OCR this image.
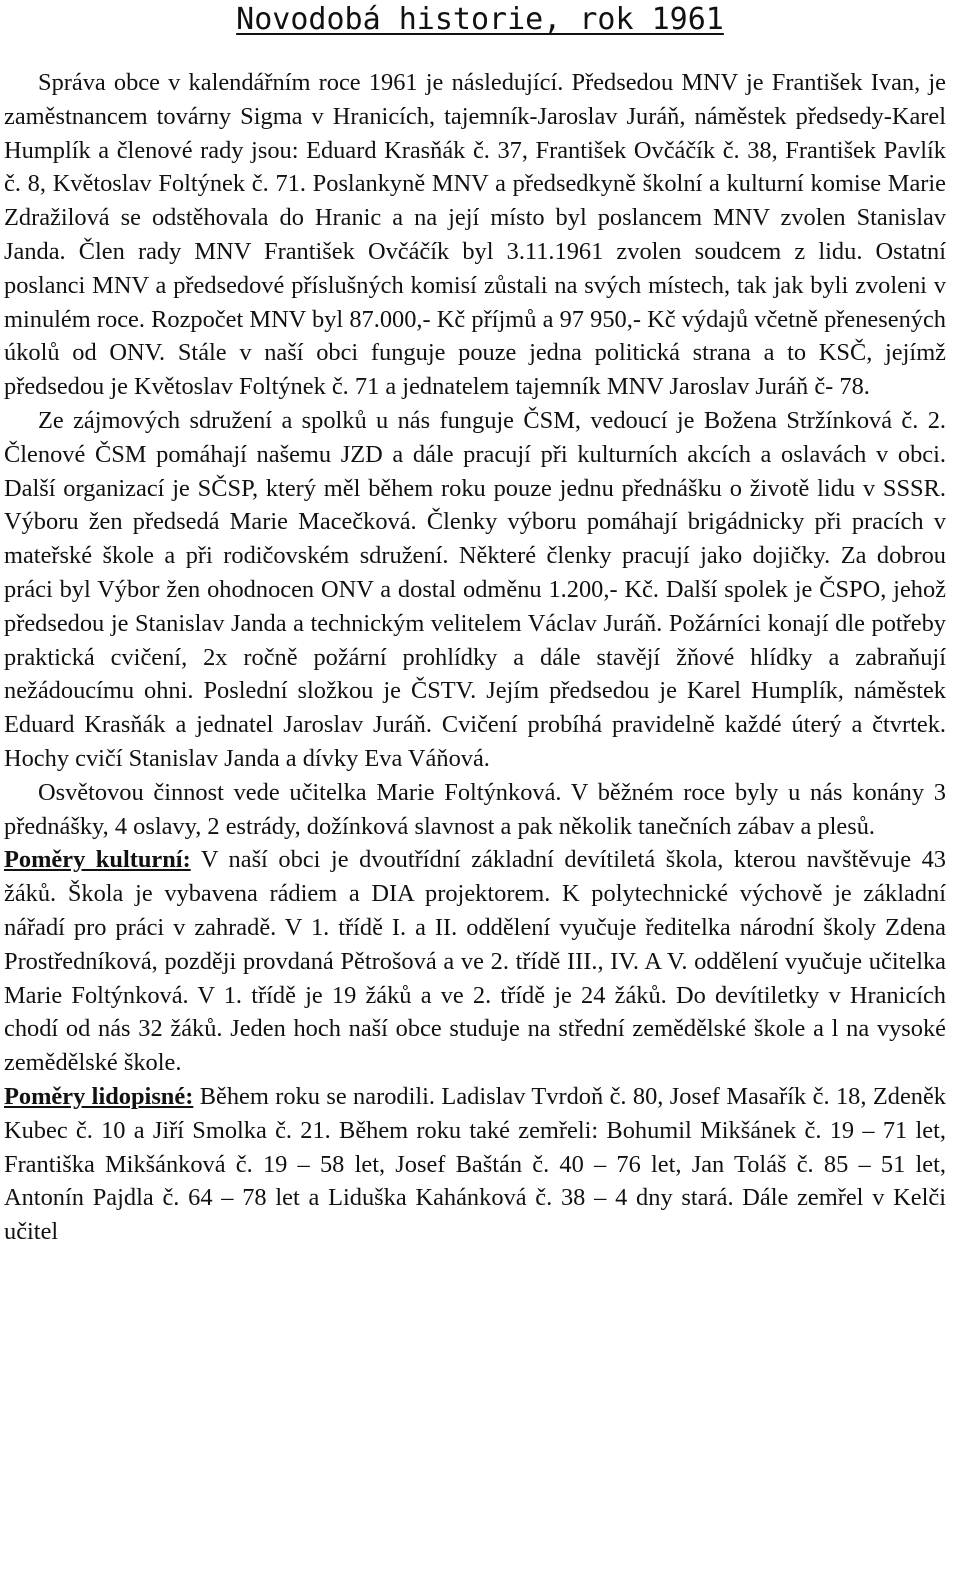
Novodobá historie, rok 1961

Správa obce v kalendářním roce 1961 je následující. Předsedou MNV je František Ivan, je zaměstnancem továrny Sigma v Hranicích, tajemník-Jaroslav Juráň, náměstek předsedy-Karel Humplík a členové rady jsou: Eduard Krasňák č. 37, František Ovčáčík č. 38, František Pavlík č. 8, Květoslav Foltýnek č. 71. Poslankyně MNV a předsedkyně školní a kulturní komise Marie Zdražilová se odstěhovala do Hranic a na její místo byl poslancem MNV zvolen Stanislav Janda. Člen rady MNV František Ovčáčík byl 3.11.1961 zvolen soudcem z lidu. Ostatní poslanci MNV a předsedové příslušných komisí zůstali na svých místech, tak jak byli zvoleni v minulém roce. Rozpočet MNV byl 87.000,- Kč příjmů a 97 950,- Kč výdajů včetně přenesených úkolů od ONV. Stále v naší obci funguje pouze jedna politická strana a to KSČ, jejímž předsedou je Květoslav Foltýnek č. 71 a jednatelem tajemník MNV Jaroslav Juráň č- 78.

Ze zájmových sdružení a spolků u nás funguje ČSM, vedoucí je Božena Stržínková č. 2. Členové ČSM pomáhají našemu JZD a dále pracují při kulturních akcích a oslavách v obci. Další organizací je SČSP, který měl během roku pouze jednu přednášku o životě lidu v SSSR. Výboru žen předsedá Marie Macečková. Členky výboru pomáhají brigádnicky při pracích v mateřské škole a při rodičovském sdružení. Některé členky pracují jako dojičky. Za dobrou práci byl Výbor žen ohodnocen ONV a dostal odměnu 1.200,- Kč. Další spolek je ČSPO, jehož předsedou je Stanislav Janda a technickým velitelem Václav Juráň. Požárníci konají dle potřeby praktická cvičení, 2x ročně požární prohlídky a dále stavějí žňové hlídky a zabraňují nežádoucímu ohni. Poslední složkou je ČSTV. Jejím předsedou je Karel Humplík, náměstek Eduard Krasňák a jednatel Jaroslav Juráň. Cvičení probíhá pravidelně každé úterý a čtvrtek. Hochy cvičí Stanislav Janda a dívky Eva Váňová.

Osvětovou činnost vede učitelka Marie Foltýnková. V běžném roce byly u nás konány 3 přednášky, 4 oslavy, 2 estrády, dožínková slavnost a pak několik tanečních zábav a plesů.

Poměry kulturní: V naší obci je dvoutřídní základní devítiletá škola, kterou navštěvuje 43 žáků. Škola je vybavena rádiem a DIA projektorem. K polytechnické výchově je základní nářadí pro práci v zahradě. V 1. třídě I. a II. oddělení vyučuje ředitelka národní školy Zdena Prostředníková, později provdaná Pětrošová a ve 2. třídě III., IV. A V. oddělení vyučuje učitelka Marie Foltýnková. V 1. třídě je 19 žáků a ve 2. třídě je 24 žáků. Do devítiletky v Hranicích chodí od nás 32 žáků. Jeden hoch naší obce studuje na střední zemědělské škole a l na vysoké zemědělské škole.

Poměry lidopisné: Během roku se narodili. Ladislav Tvrdoň č. 80, Josef Masařík č. 18, Zdeněk Kubec č. 10 a Jiří Smolka č. 21. Během roku také zemřeli: Bohumil Mikšánek č. 19 – 71 let, Františka Mikšánková č. 19 – 58 let, Josef Baštán č. 40 – 76 let, Jan Toláš č. 85 – 51 let, Antonín Pajdla č. 64 – 78 let a Liduška Kahánková č. 38 – 4 dny stará. Dále zemřel v Kelči učitel
